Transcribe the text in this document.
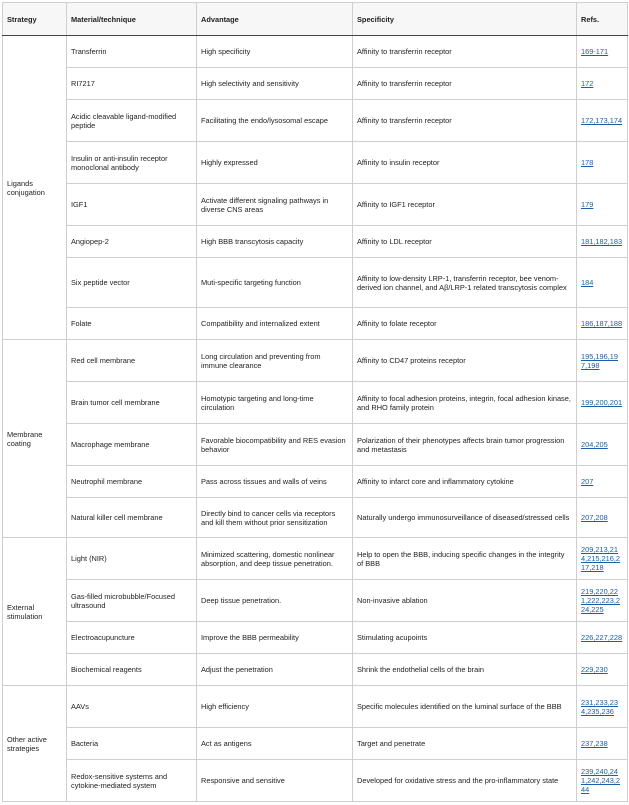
Strategy	Material/technique	Advantage	Specificity	Refs.
Ligands conjugation	Transferrin	High specificity	Affinity to transferrin receptor	169-171
	RI7217	High selectivity and sensitivity	Affinity to transferrin receptor	172
	Acidic cleavable ligand-modified peptide	Facilitating the endo/lysosomal escape	Affinity to transferrin receptor	172,173,174
	Insulin or anti-insulin receptor monoclonal antibody	Highly expressed	Affinity to insulin receptor	178
	IGF1	Activate different signaling pathways in diverse CNS areas	Affinity to IGF1 receptor	179
	Angiopep-2	High BBB transcytosis capacity	Affinity to LDL receptor	181,182,183
	Six peptide vector	Muti-specific targeting function	Affinity to low-density LRP-1, transferrin receptor, bee venom-derived ion channel, and Aβ/LRP-1 related transcytosis complex	184
	Folate	Compatibility and internalized extent	Affinity to folate receptor	186,187,188
Membrane coating	Red cell membrane	Long circulation and preventing from immune clearance	Affinity to CD47 proteins receptor	195,196,197,198
	Brain tumor cell membrane	Homotypic targeting and long-time circulation	Affinity to focal adhesion proteins, integrin, focal adhesion kinase, and RHO family protein	199,200,201
	Macrophage membrane	Favorable biocompatibility and RES evasion behavior	Polarization of their phenotypes affects brain tumor progression and metastasis	204,205
	Neutrophil membrane	Pass across tissues and walls of veins	Affinity to infarct core and inflammatory cytokine	207
	Natural killer cell membrane	Directly bind to cancer cells via receptors and kill them without prior sensitization	Naturally undergo immunosurveillance of diseased/stressed cells	207,208
External stimulation	Light (NIR)	Minimized scattering, domestic nonlinear absorption, and deep tissue penetration.	Help to open the BBB, inducing specific changes in the integrity of BBB	209,213,214,215,216,217,218
	Gas-filled microbubble/Focused ultrasound	Deep tissue penetration.	Non-invasive ablation	219,220,221,222,223,224,225
	Electroacupuncture	Improve the BBB permeability	Stimulating acupoints	226,227,228
	Biochemical reagents	Adjust the penetration	Shrink the endothelial cells of the brain	229,230
Other active strategies	AAVs	High efficiency	Specific molecules identified on the luminal surface of the BBB	231,233,234,235,236
	Bacteria	Act as antigens	Target and penetrate	237,238
	Redox-sensitive systems and cytokine-mediated system	Responsive and sensitive	Developed for oxidative stress and the pro-inflammatory state	239,240,241,242,243,244
